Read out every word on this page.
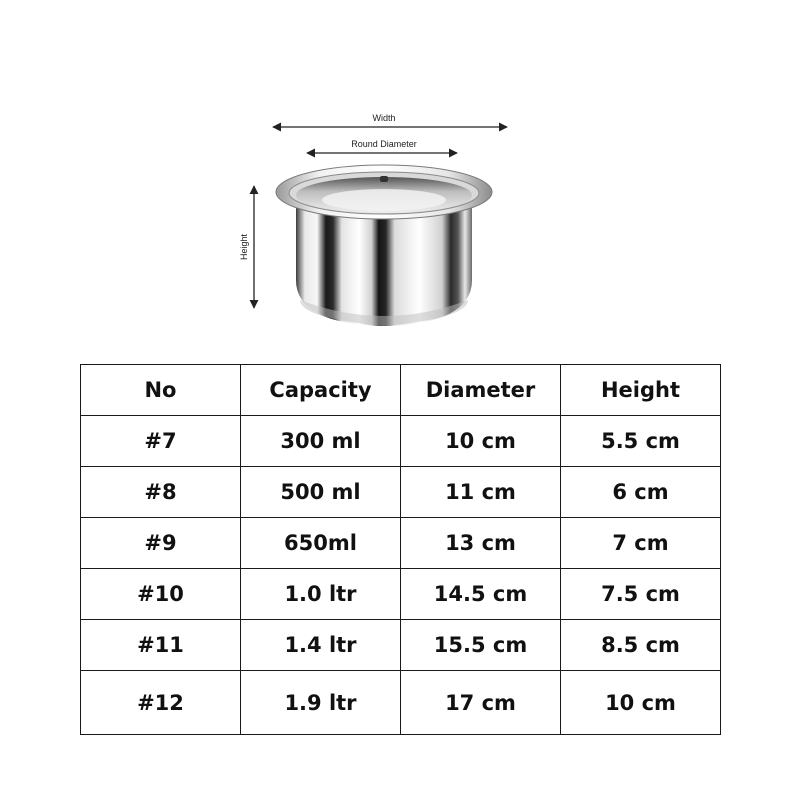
Width
Round Diameter
Height
No	Capacity	Diameter	Height
#7	300 ml	10 cm	5.5 cm
#8	500 ml	11 cm	6 cm
#9	650ml	13 cm	7 cm
#10	1.0 ltr	14.5 cm	7.5 cm
#11	1.4 ltr	15.5 cm	8.5 cm
#12	1.9 ltr	17 cm	10 cm
